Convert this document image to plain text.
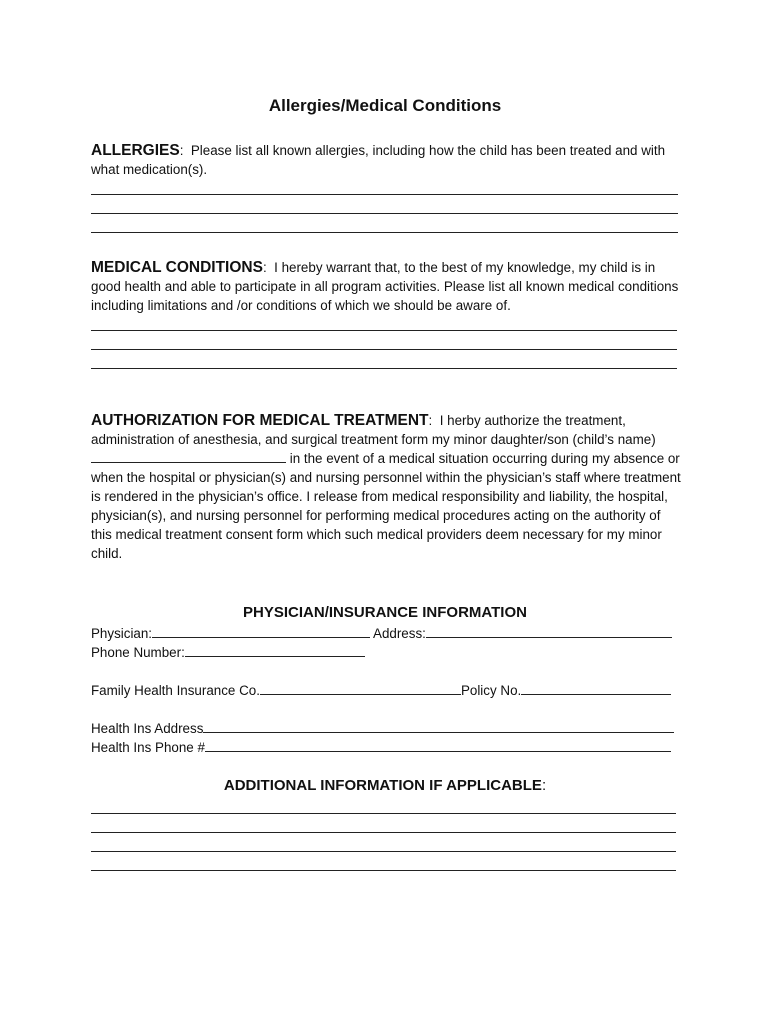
Allergies/Medical Conditions

ALLERGIES:  Please list all known allergies, including how the child has been treated and with what medication(s).

MEDICAL CONDITIONS:  I hereby warrant that, to the best of my knowledge, my child is in good health and able to participate in all program activities. Please list all known medical conditions including limitations and /or conditions of which we should be aware of.

AUTHORIZATION FOR MEDICAL TREATMENT:  I herby authorize the treatment, administration of anesthesia, and surgical treatment form my minor daughter/son (child’s name) in the event of a medical situation occurring during my absence or when the hospital or physician(s) and nursing personnel within the physician’s staff where treatment is rendered in the physician’s office. I release from medical responsibility and liability, the hospital, physician(s), and nursing personnel for performing medical procedures acting on the authority of this medical treatment consent form which such medical providers deem necessary for my minor child.

PHYSICIAN/INSURANCE INFORMATION
Physician:	Address:
Phone Number:
Family Health Insurance Co.	Policy No.
Health Ins Address
Health Ins Phone #
ADDITIONAL INFORMATION IF APPLICABLE:
